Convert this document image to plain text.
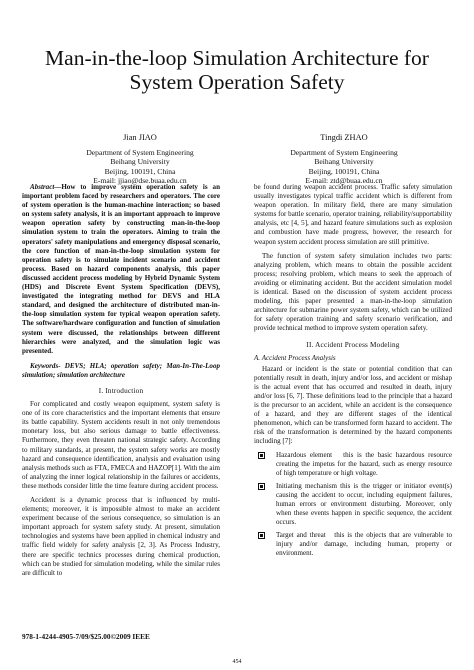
Man-in-the-loop Simulation Architecture for System Operation Safety
Jian JIAO
Department of System Engineering
Beihang University
Beijing, 100191, China
E-mail: jjiao@dse.buaa.edu.cn
Tingdi ZHAO
Department of System Engineering
Beihang University
Beijing, 100191, China
E-mail: ztd@buaa.edu.cn

Abstract—How to improve system operation safety is an important problem faced by researchers and operators. The core of system operation is the human-machine interaction; so based on system safety analysis, it is an important approach to improve weapon operation safety by constructing man-in-the-loop simulation system to train the operators. Aiming to train the operators' safety manipulations and emergency disposal scenario, the core function of man-in-the-loop simulation system for operation safety is to simulate incident scenario and accident process. Based on hazard components analysis, this paper discussed accident process modeling by Hybrid Dynamic System (HDS) and Discrete Event System Specification (DEVS), investigated the integrating method for DEVS and HLA standard, and designed the architecture of distributed man-in-the-loop simulation system for typical weapon operation safety. The software/hardware configuration and function of simulation system were discussed, the relationships between different hierarchies were analyzed, and the simulation logic was presented.

Keywords- DEVS; HLA; operation safety; Man-In-The-Loop simulation; simulation architecture

I. Introduction

For complicated and costly weapon equipment, system safety is one of its core characteristics and the important elements that ensure its battle capability. System accidents result in not only tremendous monetary loss, but also serious damage to battle effectiveness. Furthermore, they even threaten national strategic safety. According to military standards, at present, the system safety works are mostly hazard and consequence identification, analysis and evaluation using analysis methods such as FTA, FMECA and HAZOP[1]. With the aim of analyzing the inner logical relationship in the failures or accidents, these methods consider little the time feature during accident process.

Accident is a dynamic process that is influenced by multi-elements; moreover, it is impossible almost to make an accident experiment because of the serious consequence, so simulation is an important approach for system safety study. At present, simulation technologies and systems have been applied in chemical industry and traffic field widely for safety analysis [2, 3]. As Process Industry, there are specific technics processes during chemical production, which can be studied for simulation modeling, while the similar rules are difficult to

be found during weapon accident process. Traffic safety simulation usually investigates typical traffic accident which is different from weapon operation. In military field, there are many simulation systems for battle scenario, operator training, reliability/supportability analysis, etc [4, 5], and hazard feature simulations such as explosion and combustion have made progress, however, the research for weapon system accident process simulation are still primitive.

The function of system safety simulation includes two parts: analyzing problem, which means to obtain the possible accident process; resolving problem, which means to seek the approach of avoiding or eliminating accident. But the accident simulation model is identical. Based on the discussion of system accident process modeling, this paper presented a man-in-the-loop simulation architecture for submarine power system safety, which can be utilized for safety operation training and safety scenario verification, and provide technical method to improve system operation safety.

II. Accident Process Modeling

A. Accident Process Analysis

Hazard or incident is the state or potential condition that can potentially result in death, injury and/or loss, and accident or mishap is the actual event that has occurred and resulted in death, injury and/or loss [6, 7]. These definitions lead to the principle that a hazard is the precursor to an accident, while an accident is the consequence of a hazard, and they are different stages of the identical phenomenon, which can be transformed form hazard to accident. The risk of the transformation is determined by the hazard components including [7]:

Hazardous element this is the basic hazardous resource creating the impetus for the hazard, such as energy resource of high temperature or high voltage.
Initiating mechanism this is the trigger or initiator event(s) causing the accident to occur, including equipment failures, human errors or environment disturbing. Moreover, only when these events happen in specific sequence, the accident occurs.
Target and threat this is the objects that are vulnerable to injury and/or damage, including human, property or environment.
978-1-4244-4905-7/09/$25.00©2009 IEEE
454
